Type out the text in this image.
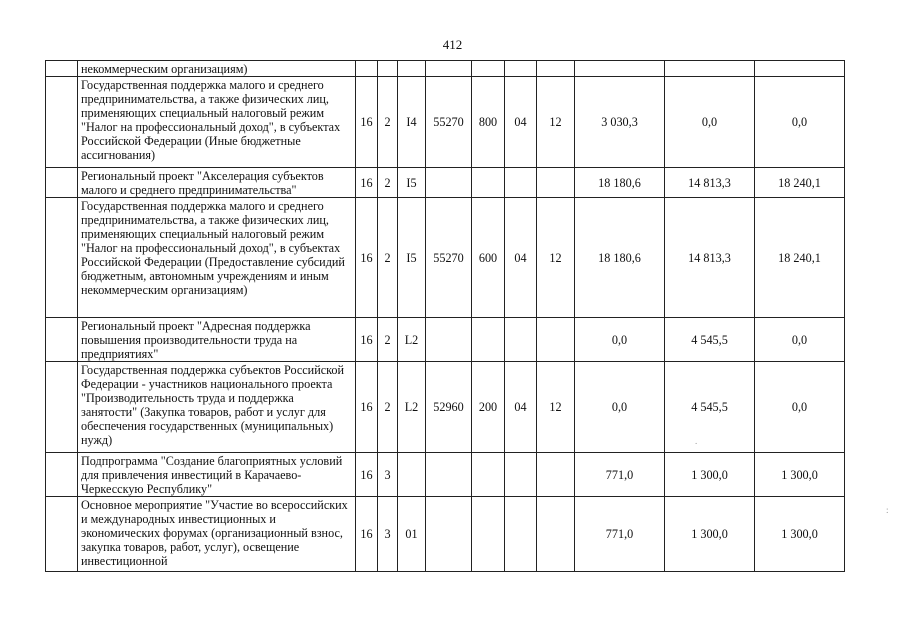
412
	некоммерческим организациям)										
	Государственная поддержка малого и среднего предпринимательства, а также физических лиц, применяющих специальный налоговый режим "Налог на профессиональный доход", в субъектах Российской Федерации (Иные бюджетные ассигнования)	16	2	I4	55270	800	04	12	3 030,3	0,0	0,0
	Региональный проект "Акселерация субъектов малого и среднего предпринимательства"	16	2	I5					18 180,6	14 813,3	18 240,1
	Государственная поддержка малого и среднего предпринимательства, а также физических лиц, применяющих специальный налоговый режим "Налог на профессиональный доход", в субъектах Российской Федерации (Предоставление субсидий бюджетным, автономным учреждениям и иным некоммерческим организациям)	16	2	I5	55270	600	04	12	18 180,6	14 813,3	18 240,1
	Региональный проект "Адресная поддержка повышения производительности труда на предприятиях"	16	2	L2					0,0	4 545,5	0,0
	Государственная поддержка субъектов Российской Федерации - участников национального проекта "Производительность труда и поддержка занятости" (Закупка товаров, работ и услуг для обеспечения государственных (муниципальных) нужд)	16	2	L2	52960	200	04	12	0,0	4 545,5	0,0
	Подпрограмма "Создание благоприятных условий для привлечения инвестиций в Карачаево-Черкесскую Республику"	16	3						771,0	1 300,0	1 300,0
	Основное мероприятие "Участие во всероссийских и международных инвестиционных и экономических форумах (организационный взнос, закупка товаров, работ, услуг), освещение инвестиционной	16	3	01					771,0	1 300,0	1 300,0
:
.
